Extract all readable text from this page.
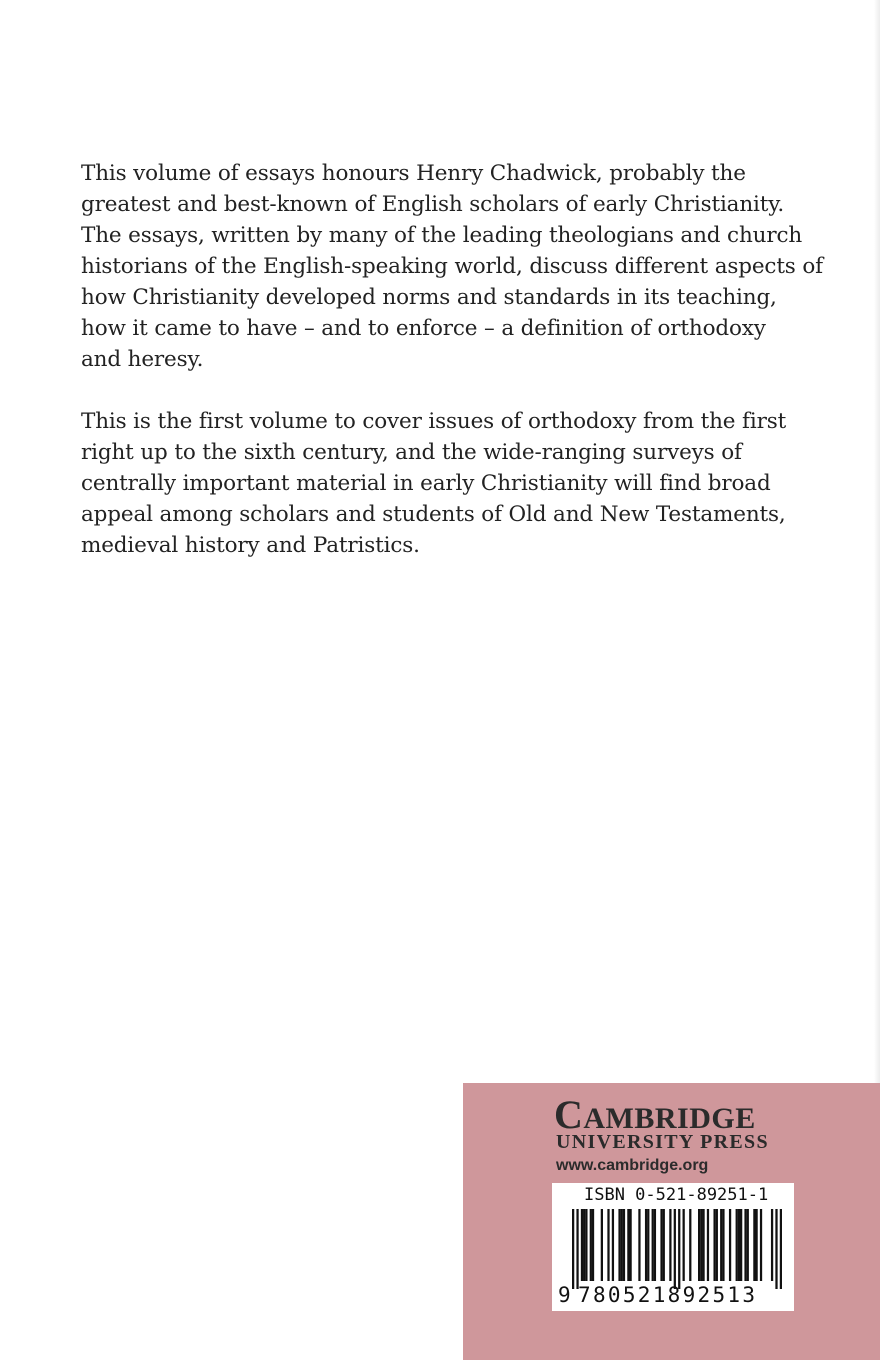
This volume of essays honours Henry Chadwick, probably the
greatest and best-known of English scholars of early Christianity.
The essays, written by many of the leading theologians and church
historians of the English-speaking world, discuss different aspects of
how Christianity developed norms and standards in its teaching,
how it came to have – and to enforce – a definition of orthodoxy
and heresy.

This is the first volume to cover issues of orthodoxy from the first
right up to the sixth century, and the wide-ranging surveys of
centrally important material in early Christianity will find broad
appeal among scholars and students of Old and New Testaments,
medieval history and Patristics.

CAMBRIDGE
UNIVERSITY PRESS
www.cambridge.org
ISBN 0-521-89251-1
9 780521892513
